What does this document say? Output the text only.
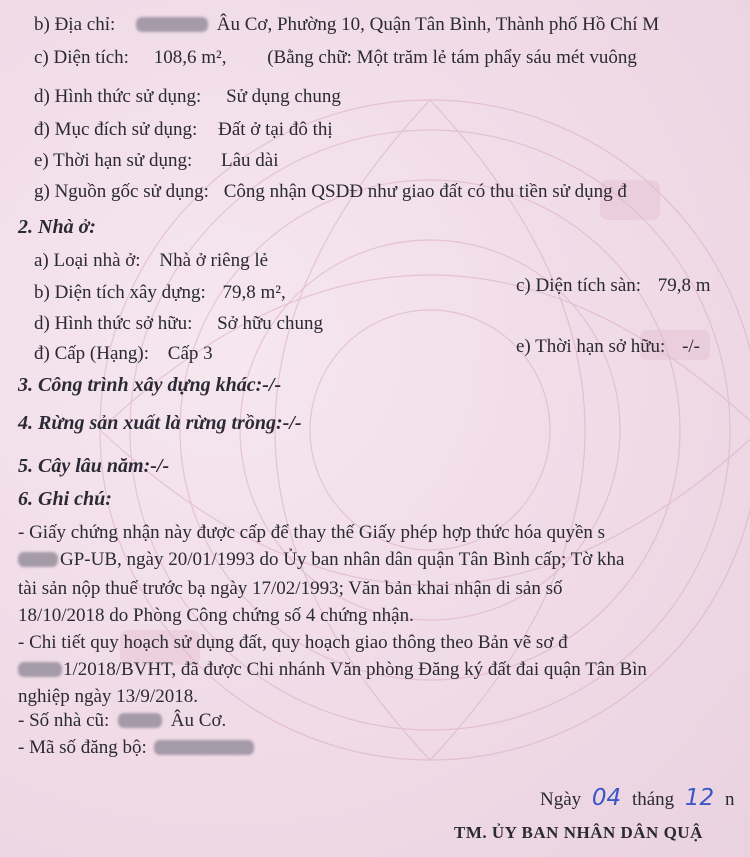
b) Địa chỉ:	Âu Cơ, Phường 10, Quận Tân Bình, Thành phố Hồ Chí M
c) Diện tích: 108,6 m², (Bằng chữ: Một trăm lẻ tám phẩy sáu mét vuông
d) Hình thức sử dụng: Sử dụng chung
đ) Mục đích sử dụng: Đất ở tại đô thị
e) Thời hạn sử dụng: Lâu dài
g) Nguồn gốc sử dụng: Công nhận QSDĐ như giao đất có thu tiền sử dụng đ
2. Nhà ở:
a) Loại nhà ở: Nhà ở riêng lẻ
b) Diện tích xây dựng: 79,8 m²,	c) Diện tích sàn: 79,8 m
d) Hình thức sở hữu: Sở hữu chung
đ) Cấp (Hạng): Cấp 3	e) Thời hạn sở hữu: -/-
3. Công trình xây dựng khác:-/-
4. Rừng sản xuất là rừng trồng:-/-
5. Cây lâu năm:-/-
6. Ghi chú:
- Giấy chứng nhận này được cấp để thay thế Giấy phép hợp thức hóa quyền s
GP-UB, ngày 20/01/1993 do Ủy ban nhân dân quận Tân Bình cấp; Tờ kha
tài sản nộp thuế trước bạ ngày 17/02/1993; Văn bản khai nhận di sản số
18/10/2018 do Phòng Công chứng số 4 chứng nhận.
- Chi tiết quy hoạch sử dụng đất, quy hoạch giao thông theo Bản vẽ sơ đ
1/2018/BVHT, đã được Chi nhánh Văn phòng Đăng ký đất đai quận Tân Bìn
nghiệp ngày 13/9/2018.
- Số nhà cũ:	Âu Cơ.
- Mã số đăng bộ:
Ngày 04 tháng 12 n
TM. ỦY BAN NHÂN DÂN QUẬ
